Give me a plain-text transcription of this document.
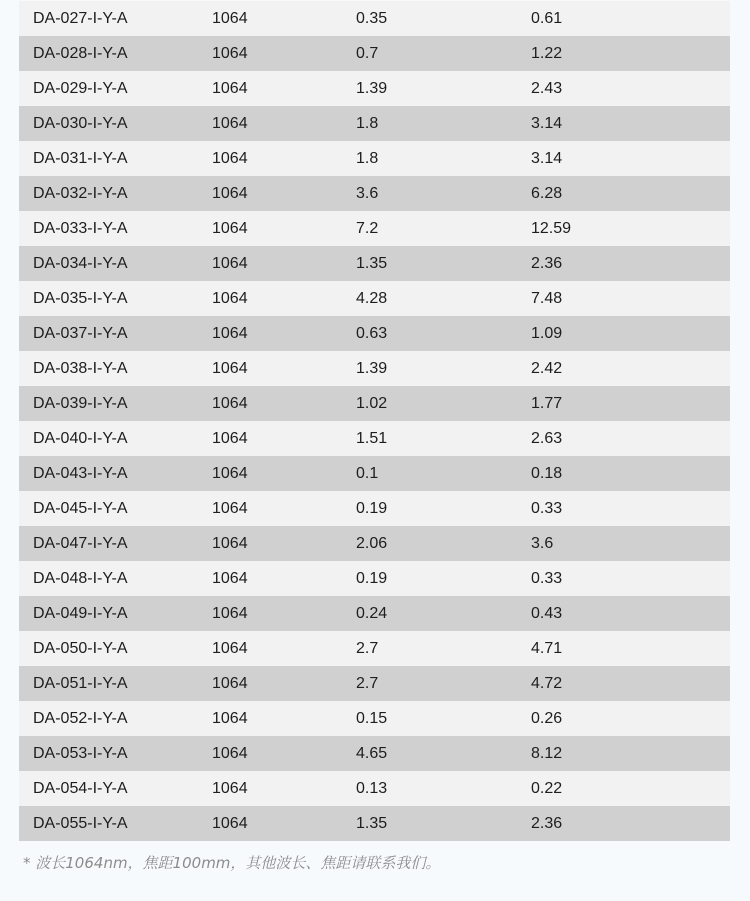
DA-027-I-Y-A	1064	0.35	0.61
DA-028-I-Y-A	1064	0.7	1.22
DA-029-I-Y-A	1064	1.39	2.43
DA-030-I-Y-A	1064	1.8	3.14
DA-031-I-Y-A	1064	1.8	3.14
DA-032-I-Y-A	1064	3.6	6.28
DA-033-I-Y-A	1064	7.2	12.59
DA-034-I-Y-A	1064	1.35	2.36
DA-035-I-Y-A	1064	4.28	7.48
DA-037-I-Y-A	1064	0.63	1.09
DA-038-I-Y-A	1064	1.39	2.42
DA-039-I-Y-A	1064	1.02	1.77
DA-040-I-Y-A	1064	1.51	2.63
DA-043-I-Y-A	1064	0.1	0.18
DA-045-I-Y-A	1064	0.19	0.33
DA-047-I-Y-A	1064	2.06	3.6
DA-048-I-Y-A	1064	0.19	0.33
DA-049-I-Y-A	1064	0.24	0.43
DA-050-I-Y-A	1064	2.7	4.71
DA-051-I-Y-A	1064	2.7	4.72
DA-052-I-Y-A	1064	0.15	0.26
DA-053-I-Y-A	1064	4.65	8.12
DA-054-I-Y-A	1064	0.13	0.22
DA-055-I-Y-A	1064	1.35	2.36
* 波长1064nm，焦距100mm，其他波长、焦距请联系我们。
